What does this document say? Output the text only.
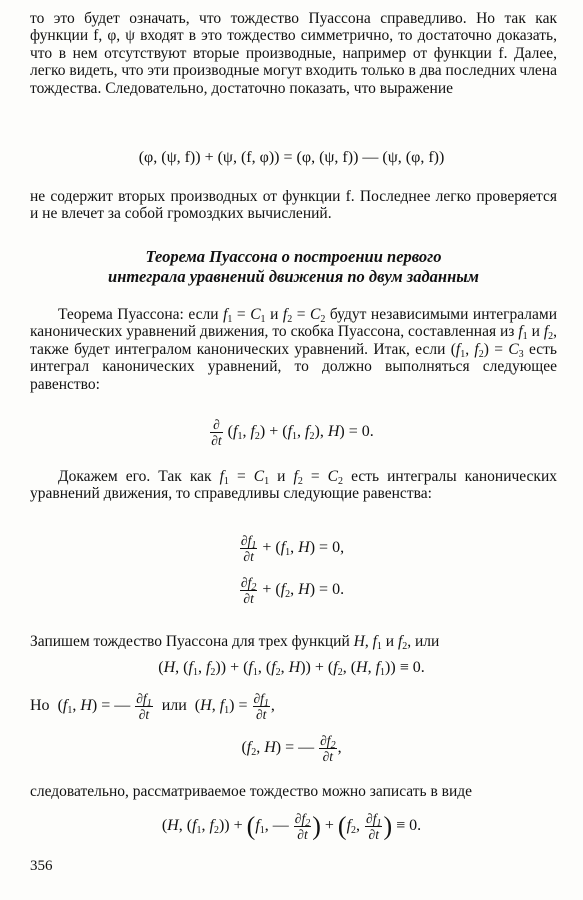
то это будет означать, что тождество Пуассона справедливо. Но так как функции f, φ, ψ входят в это тождество симметрично, то достаточно доказать, что в нем отсутствуют вторые производные, например от функции f. Далее, легко видеть, что эти производные могут входить только в два последних члена тождества. Следовательно, достаточно показать, что выражение
(φ, (ψ, f)) + (ψ, (f, φ)) = (φ, (ψ, f)) — (ψ, (φ, f))
не содержит вторых производных от функции f. Последнее легко проверяется и не влечет за собой громоздких вычислений.
Теорема Пуассона о построении первого
интеграла уравнений движения по двум заданным
Теорема Пуассона: если $f_1 = C_1$ и $f_2 = C_2$ будут независимыми интегралами канонических уравнений движения, то скобка Пуассона, составленная из $f_1$ и $f_2$, также будет интегралом канонических уравнений. Итак, если ($f_1$, $f_2) = C_3$ есть интеграл канонических уравнений, то должно выполняться следующее равенство:
$\frac{\partial}{\partial t} (f_1$, $f_2) + (f_1$, $f_2$), H) = 0.
Докажем его. Так как $f_1 = C_1$ и $f_2 = C_2$ есть интегралы канонических уравнений движения, то справедливы следующие равенства:
$\frac{\partial f_1}{\partial t} + (f_1$, H) = 0,
$\frac{\partial f_2}{\partial t} + (f_2$, H) = 0.
Запишем тождество Пуассона для трех функций H, $f_1$ и $f_2$, или
(H, ($f_1$, $f_2)) + (f_1$, ($f_2$, $H)) + (f_2$, (H, $f_1)) \equiv 0$.
Но  ($f_1$, H) = — $\frac{\partial f_1}{\partial t}$ или  (H, $f_1) = \frac{\partial f_1}{\partial t}$ ,
($f_2$, H) = — $\frac{\partial f_2}{\partial t}$ ,
следовательно, рассматриваемое тождество можно записать в виде
(H, ($f_1$, $f_2)) + (f_1$, — $\frac{\partial f_2}{\partial t}$ ) + ($f_2$, $\frac{\partial f_1}{\partial t}$ ) ≡ 0.
356
